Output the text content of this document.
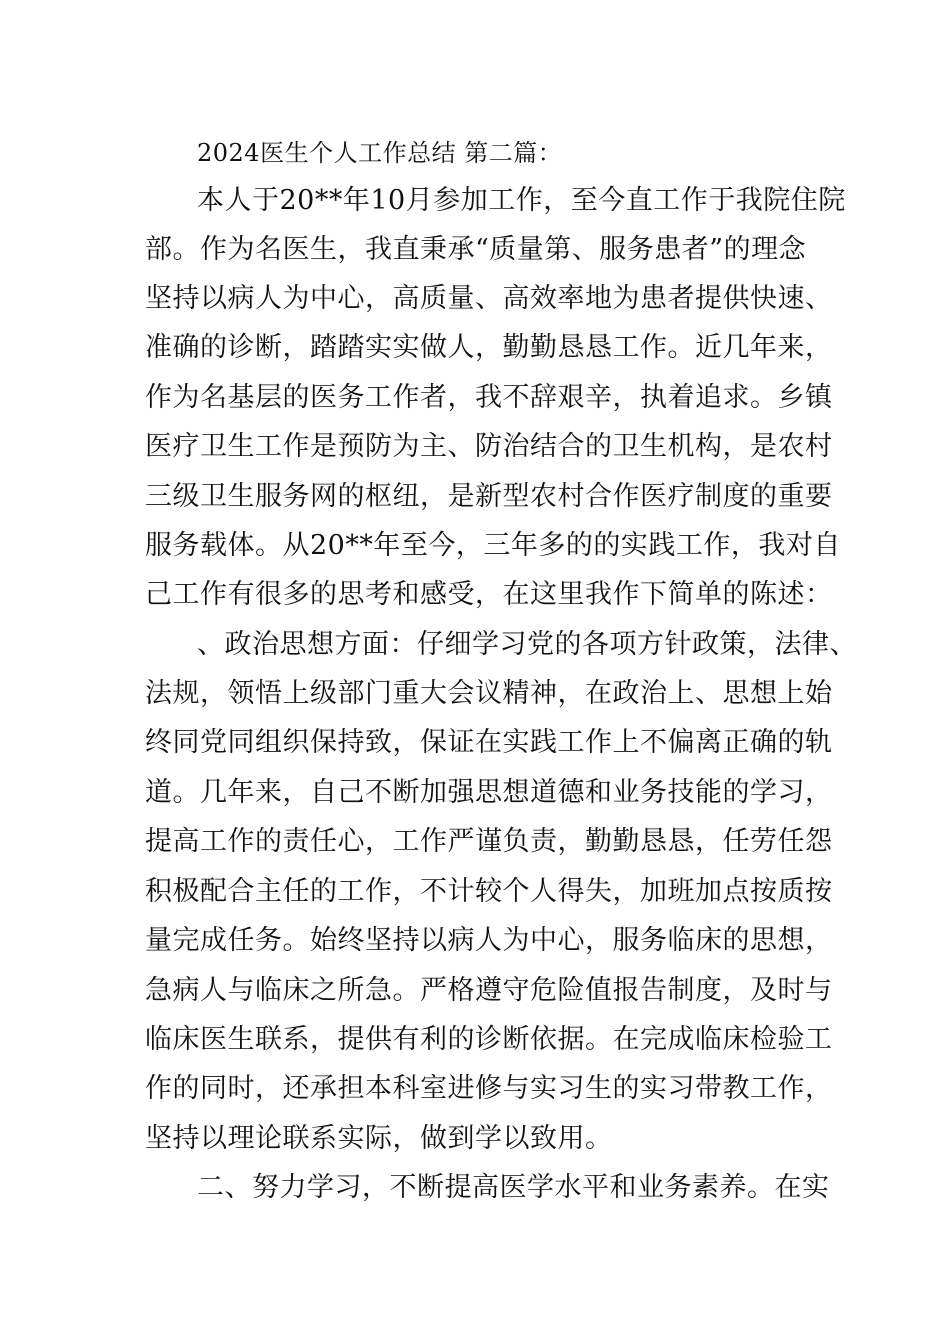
2024医生个人工作总结 第二篇：
本人于20**年10月参加工作，至今直工作于我院住院
部。作为名医生，我直秉承“质量第、服务患者”的理念
坚持以病人为中心，高质量、高效率地为患者提供快速、
准确的诊断，踏踏实实做人，勤勤恳恳工作。近几年来，
作为名基层的医务工作者，我不辞艰辛，执着追求。乡镇
医疗卫生工作是预防为主、防治结合的卫生机构，是农村
三级卫生服务网的枢纽，是新型农村合作医疗制度的重要
服务载体。从20**年至今，三年多的的实践工作，我对自
己工作有很多的思考和感受，在这里我作下简单的陈述：
、政治思想方面：仔细学习党的各项方针政策，法律、
法规，领悟上级部门重大会议精神，在政治上、思想上始
终同党同组织保持致，保证在实践工作上不偏离正确的轨
道。几年来，自己不断加强思想道德和业务技能的学习，
提高工作的责任心，工作严谨负责，勤勤恳恳，任劳任怨
积极配合主任的工作，不计较个人得失，加班加点按质按
量完成任务。始终坚持以病人为中心，服务临床的思想，
急病人与临床之所急。严格遵守危险值报告制度，及时与
临床医生联系，提供有利的诊断依据。在完成临床检验工
作的同时，还承担本科室进修与实习生的实习带教工作，
坚持以理论联系实际，做到学以致用。
二、努力学习，不断提高医学水平和业务素养。在实
